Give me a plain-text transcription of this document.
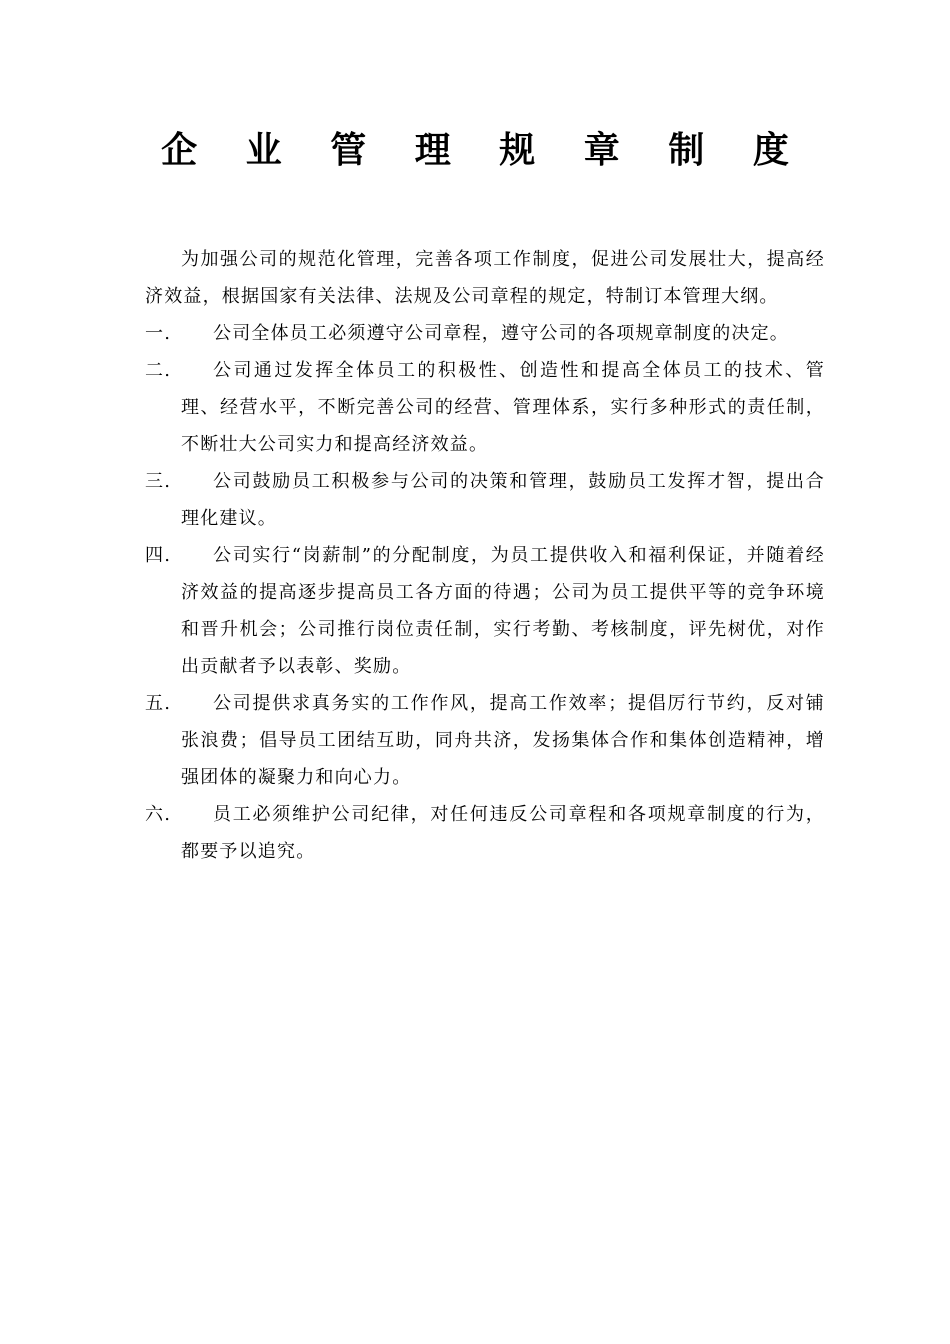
企 业 管 理 规 章 制 度

为加强公司的规范化管理，完善各项工作制度，促进公司发展壮大，提高经济效益，根据国家有关法律、法规及公司章程的规定，特制订本管理大纲。

一.	公司全体员工必须遵守公司章程，遵守公司的各项规章制度的决定。
二.	公司通过发挥全体员工的积极性、创造性和提高全体员工的技术、管理、经营水平，不断完善公司的经营、管理体系，实行多种形式的责任制，不断壮大公司实力和提高经济效益。
三.	公司鼓励员工积极参与公司的决策和管理，鼓励员工发挥才智，提出合理化建议。
四.	公司实行“岗薪制”的分配制度，为员工提供收入和福利保证，并随着经济效益的提高逐步提高员工各方面的待遇；公司为员工提供平等的竞争环境和晋升机会；公司推行岗位责任制，实行考勤、考核制度，评先树优，对作出贡献者予以表彰、奖励。
五.	公司提供求真务实的工作作风，提高工作效率；提倡厉行节约，反对铺张浪费；倡导员工团结互助，同舟共济，发扬集体合作和集体创造精神，增强团体的凝聚力和向心力。
六.	员工必须维护公司纪律，对任何违反公司章程和各项规章制度的行为，都要予以追究。
